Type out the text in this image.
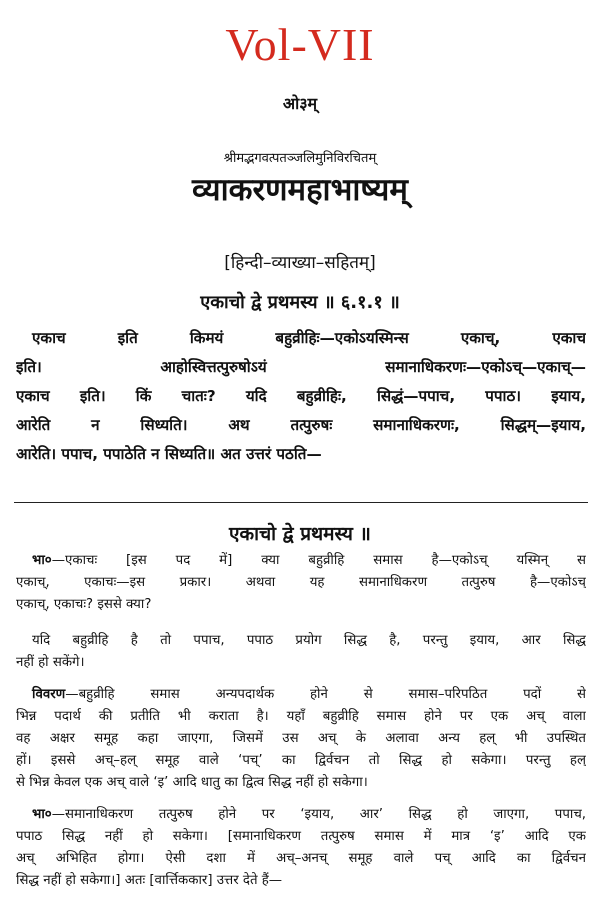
Vol-VII
ओ३म्
श्रीमद्भगवत्पतञ्जलिमुनिविरचितम्
व्याकरणमहाभाष्यम्
[हिन्दी–व्याख्या–सहितम्]
एकाचो द्वे प्रथमस्य ॥ ६.१.१ ॥
एकाच इति किमयं बहुव्रीहिः—एकोऽयस्मिन्स एकाच्, एकाच
इति। आहोस्वित्तत्पुरुषोऽयं समानाधिकरणः—एकोऽच्—एकाच्—
एकाच इति। किं चातः? यदि बहुव्रीहिः, सिद्धं—पपाच, पपाठ। इयाय,
आरेति न सिध्यति। अथ तत्पुरुषः समानाधिकरणः, सिद्धम्—इयाय,
आरेति। पपाच, पपाठेति न सिध्यति॥ अत उत्तरं पठति—
एकाचो द्वे प्रथमस्य ॥
भा०—एकाचः [इस पद में] क्या बहुव्रीहि समास है—एकोऽच् यस्मिन् स
एकाच्, एकाचः—इस प्रकार। अथवा यह समानाधिकरण तत्पुरुष है—एकोऽच्
एकाच्, एकाचः? इससे क्या?
यदि बहुव्रीहि है तो पपाच, पपाठ प्रयोग सिद्ध है, परन्तु इयाय, आर सिद्ध
नहीं हो सकेंगे।
विवरण—बहुव्रीहि समास अन्यपदार्थक होने से समास–परिपठित पदों से
भिन्न पदार्थ की प्रतीति भी कराता है। यहाँ बहुव्रीहि समास होने पर एक अच् वाला
वह अक्षर समूह कहा जाएगा, जिसमें उस अच् के अलावा अन्य हल् भी उपस्थित
हों। इससे अच्–हल् समूह वाले ‘पच्’ का द्विर्वचन तो सिद्ध हो सकेगा। परन्तु हल्
से भिन्न केवल एक अच् वाले ‘इ’ आदि धातु का द्वित्व सिद्ध नहीं हो सकेगा।
भा०—समानाधिकरण तत्पुरुष होने पर ‘इयाय, आर’ सिद्ध हो जाएगा, पपाच,
पपाठ सिद्ध नहीं हो सकेगा। [समानाधिकरण तत्पुरुष समास में मात्र ‘इ’ आदि एक
अच् अभिहित होगा। ऐसी दशा में अच्–अनच् समूह वाले पच् आदि का द्विर्वचन
सिद्ध नहीं हो सकेगा।] अतः [वार्त्तिककार] उत्तर देते हैं—
